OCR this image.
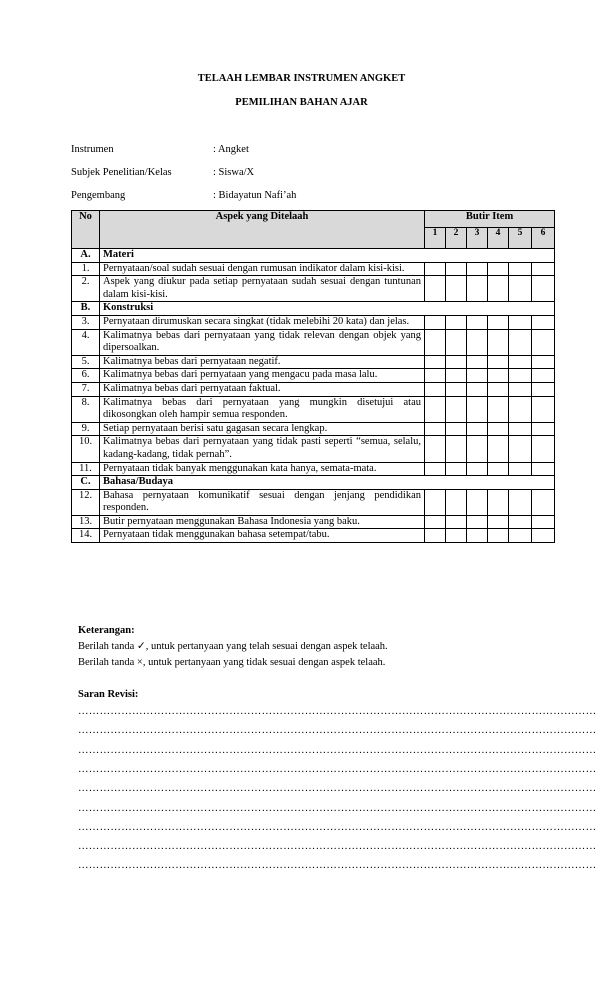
TELAAH LEMBAR INSTRUMEN ANGKET
PEMILIHAN BAHAN AJAR
Instrumen	: Angket
Subjek Penelitian/Kelas	: Siswa/X
Pengembang	: Bidayatun Nafi’ah
No	Aspek yang Ditelaah	Butir Item					
		1	2	3	4	5	6
A.	Materi						
1.	Pernyataan/soal sudah sesuai dengan rumusan indikator dalam kisi-kisi.						
2.	Aspek yang diukur pada setiap pernyataan sudah sesuai dengan tuntunan dalam kisi-kisi.						
B.	Konstruksi						
3.	Pernyataan dirumuskan secara singkat (tidak melebihi 20 kata) dan jelas.						
4.	Kalimatnya bebas dari pernyataan yang tidak relevan dengan objek yang dipersoalkan.						
5.	Kalimatnya bebas dari pernyataan negatif.						
6.	Kalimatnya bebas dari pernyataan yang mengacu pada masa lalu.						
7.	Kalimatnya bebas dari pernyataan faktual.						
8.	Kalimatnya bebas dari pernyataan yang mungkin disetujui atau dikosongkan oleh hampir semua responden.						
9.	Setiap pernyataan berisi satu gagasan secara lengkap.						
10.	Kalimatnya bebas dari pernyataan yang tidak pasti seperti “semua, selalu, kadang-kadang, tidak pernah”.						
11.	Pernyataan tidak banyak menggunakan kata hanya, semata-mata.						
C.	Bahasa/Budaya						
12.	Bahasa pernyataan komunikatif sesuai dengan jenjang pendidikan responden.						
13.	Butir pernyataan menggunakan Bahasa Indonesia yang baku.						
14.	Pernyataan tidak menggunakan bahasa setempat/tabu.						
Keterangan:
Berilah tanda ✓, untuk pertanyaan yang telah sesuai dengan aspek telaah.
Berilah tanda ×, untuk pertanyaan yang tidak sesuai dengan aspek telaah.
Saran Revisi:
………………………………………………………………………………………………………………………………
………………………………………………………………………………………………………………………………
………………………………………………………………………………………………………………………………
………………………………………………………………………………………………………………………………
………………………………………………………………………………………………………………………………
………………………………………………………………………………………………………………………………
………………………………………………………………………………………………………………………………
………………………………………………………………………………………………………………………………
………………………………………………………………………………………………………………………………
